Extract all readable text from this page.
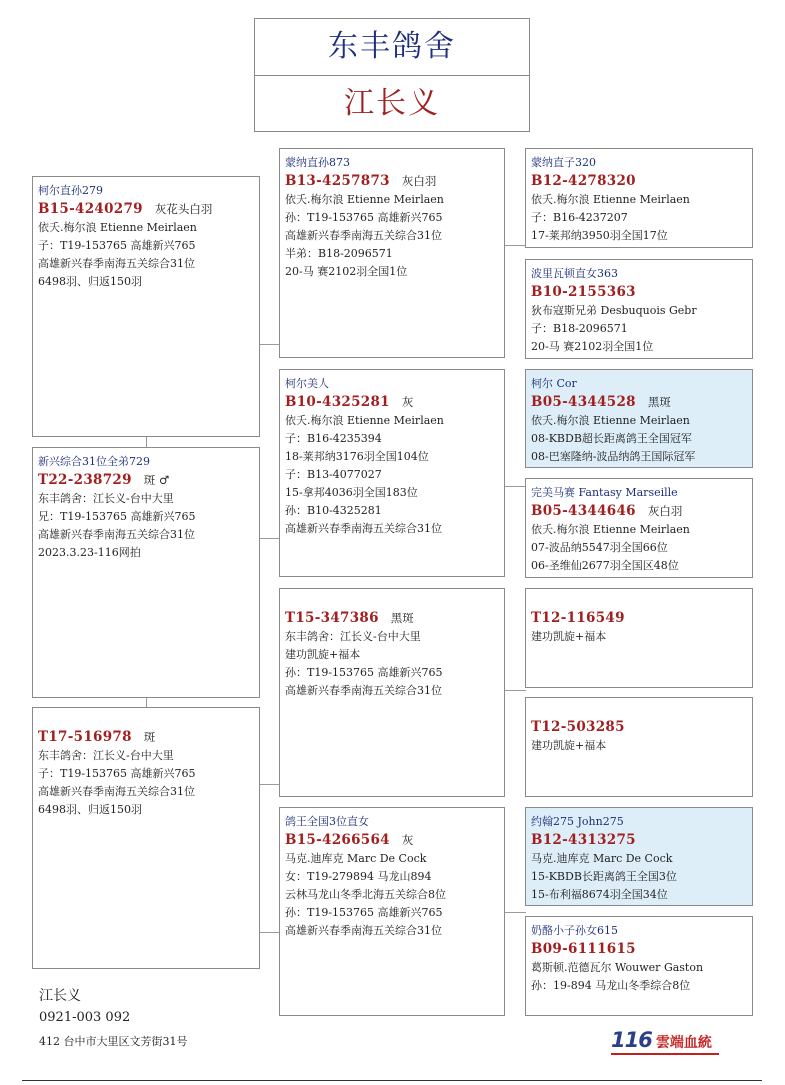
东丰鸽舍
江长义
新兴综合31位全弟729
T22-238729 斑 ♂
东丰鸽舍：江长义-台中大里
兄：T19-153765 高雄新兴765
高雄新兴春季南海五关综合31位
2023.3.23-116网拍
柯尔直孙279
B15-4240279 灰花头白羽
依夭.梅尔浪 Etienne Meirlaen
子：T19-153765 高雄新兴765
高雄新兴春季南海五关综合31位
6498羽、归返150羽
T17-516978 斑
东丰鸽舍：江长义-台中大里
子：T19-153765 高雄新兴765
高雄新兴春季南海五关综合31位
6498羽、归返150羽
蒙纳直孙873
B13-4257873 灰白羽
依夭.梅尔浪 Etienne Meirlaen
孙：T19-153765 高雄新兴765
高雄新兴春季南海五关综合31位
半弟：B18-2096571
20-马 赛2102羽全国1位
柯尔美人
B10-4325281 灰
依夭.梅尔浪 Etienne Meirlaen
子：B16-4235394
18-莱邦纳3176羽全国104位
子：B13-4077027
15-拿邦4036羽全国183位
孙：B10-4325281
高雄新兴春季南海五关综合31位
T15-347386 黑斑
东丰鸽舍：江长义-台中大里
建功凯旋+福本
孙：T19-153765 高雄新兴765
高雄新兴春季南海五关综合31位
鸽王全国3位直女
B15-4266564 灰
马克.迪库克 Marc De Cock
女：T19-279894 马龙山894
云林马龙山冬季北海五关综合8位
孙：T19-153765 高雄新兴765
高雄新兴春季南海五关综合31位
蒙纳直子320
B12-4278320
依夭.梅尔浪 Etienne Meirlaen
子：B16-4237207
17-莱邦纳3950羽全国17位
波里瓦顿直女363
B10-2155363
狄布寇斯兄弟 Desbuquois Gebr
子：B18-2096571
20-马 赛2102羽全国1位
柯尔 Cor
B05-4344528 黑斑
依夭.梅尔浪 Etienne Meirlaen
08-KBDB超长距离鸽王全国冠军
08-巴塞隆纳-波品纳鸽王国际冠军
完美马赛 Fantasy Marseille
B05-4344646 灰白羽
依夭.梅尔浪 Etienne Meirlaen
07-波品纳5547羽全国66位
06-圣维仙2677羽全国区48位
T12-116549
建功凯旋+福本
T12-503285
建功凯旋+福本
约翰275 John275
B12-4313275
马克.迪库克 Marc De Cock
15-KBDB长距离鸽王全国3位
15-布利福8674羽全国34位
奶酪小子孙女615
B09-6111615
葛斯顿.范德瓦尔 Wouwer Gaston
孙：19-894 马龙山冬季综合8位
江长义
0921-003 092
412 台中市大里区文芳街31号	116 雲端血統
